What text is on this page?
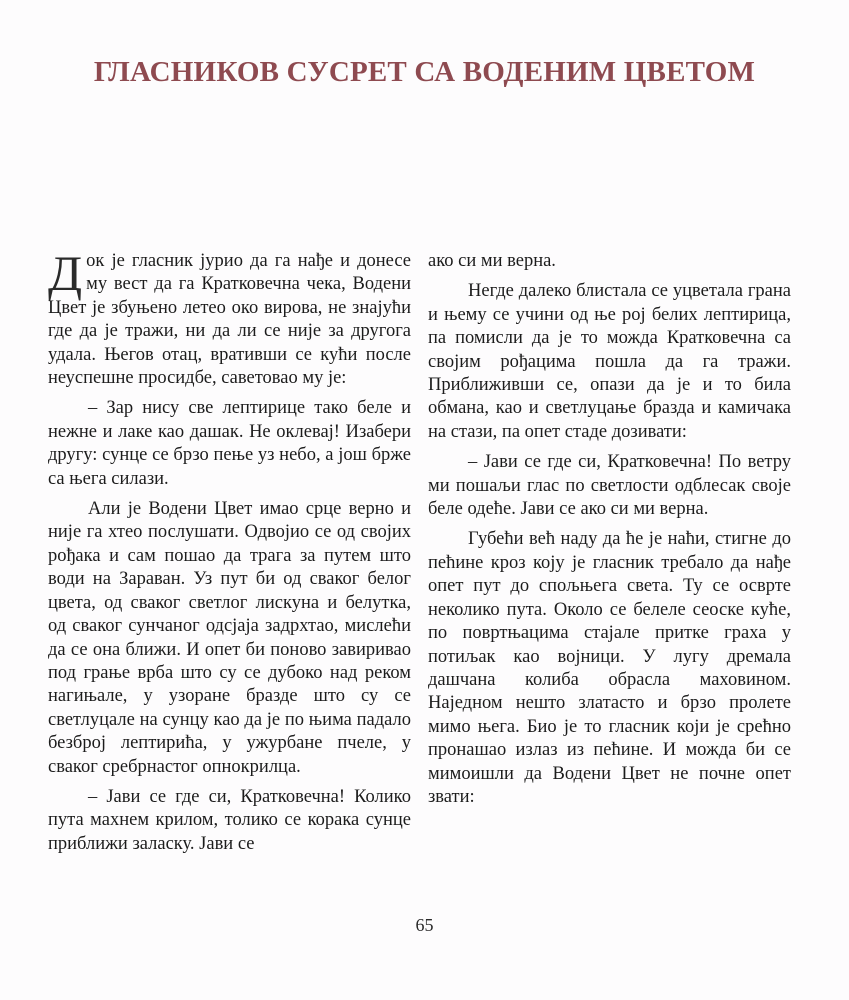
ГЛАСНИКОВ СУСРЕТ СА ВОДЕНИМ ЦВЕТОМ

Док је гласник јурио да га нађе и донесе му вест да га Кратковечна чека, Водени Цвет је збуњено летео око вирова, не знајући где да је тражи, ни да ли се није за другога удала. Његов отац, вративши се кући после неуспешне просидбе, саветовао му је:

– Зар нису све лептирице тако беле и нежне и лаке као дашак. Не оклевај! Изабери другу: сунце се брзо пење уз небо, а још брже са њега силази.

Али је Водени Цвет имао срце верно и није га хтео послушати. Одвојио се од својих рођака и сам пошао да трага за путем што води на Зараван. Уз пут би од сваког белог цвета, од сваког светлог лискуна и белутка, од сваког сунчаног одсјаја задрхтао, мислећи да се она ближи. И опет би поново завиривао под грање врба што су се дубоко над реком нагињале, у узоране бразде што су се светлуцале на сунцу као да је по њима падало безброј лептирића, у ужурбане пчеле, у сваког сребрнастог опнокрилца.

– Јави се где си, Кратковечна! Колико пута махнем крилом, толико се корака сунце приближи заласку. Јави се

ако си ми верна.

Негде далеко блистала се уцветала грана и њему се учини од ње рој белих лептирица, па помисли да је то можда Кратковечна са својим рођацима пошла да га тражи. Приближивши се, опази да је и то била обмана, као и светлуцање бразда и камичака на стази, па опет стаде дозивати:

– Јави се где си, Кратковечна! По ветру ми пошаљи глас по светлости одблесак своје беле одеће. Јави се ако си ми верна.

Губећи већ наду да ће је наћи, стигне до пећине кроз коју је гласник требало да нађе опет пут до спољњега света. Ту се осврте неколико пута. Около се белеле сеоске куће, по повртњацима стајале притке граха у потиљак као војници. У лугу дремала дашчана колиба обрасла маховином. Наједном нешто златасто и брзо пролете мимо њега. Био је то гласник који је срећно пронашао излаз из пећине. И можда би се мимоишли да Водени Цвет не почне опет звати:

65
